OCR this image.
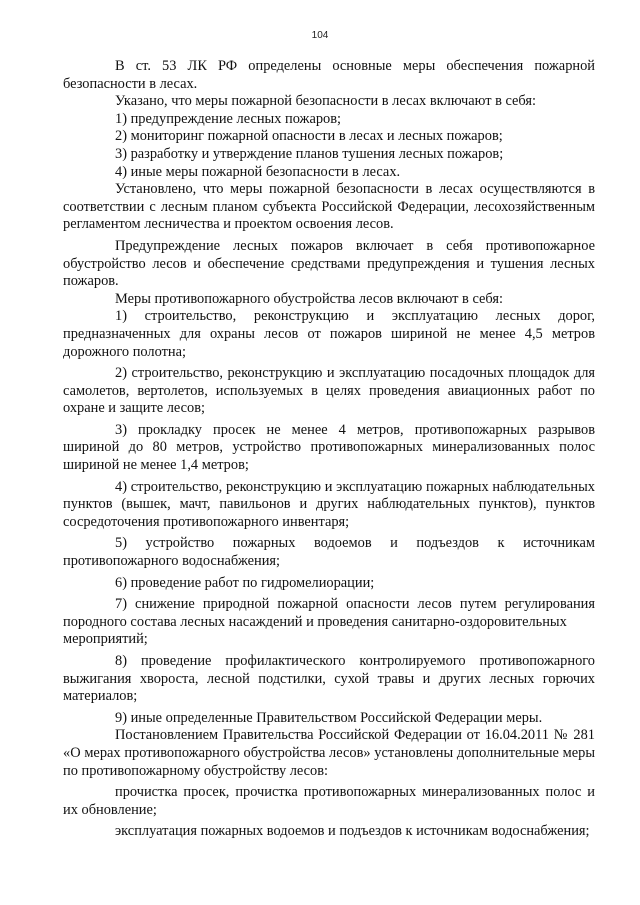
104

В ст. 53 ЛК РФ определены основные меры обеспечения пожарной безопасности в лесах.

Указано, что меры пожарной безопасности в лесах включают в себя:

1) предупреждение лесных пожаров;

2) мониторинг пожарной опасности в лесах и лесных пожаров;

3) разработку и утверждение планов тушения лесных пожаров;

4) иные меры пожарной безопасности в лесах.

Установлено, что меры пожарной безопасности в лесах осуществляются в соответствии с лесным планом субъекта Российской Федерации, лесохозяйственным регламентом лесничества и проектом освоения лесов.

Предупреждение лесных пожаров включает в себя противопожарное обустройство лесов и обеспечение средствами предупреждения и тушения лесных пожаров.

Меры противопожарного обустройства лесов включают в себя:

1) строительство, реконструкцию и эксплуатацию лесных дорог, предназначенных для охраны лесов от пожаров шириной не менее 4,5 метров дорожного полотна;

2) строительство, реконструкцию и эксплуатацию посадочных площадок для самолетов, вертолетов, используемых в целях проведения авиационных работ по охране и защите лесов;

3) прокладку просек не менее 4 метров, противопожарных разрывов шириной до 80 метров, устройство противопожарных минерализованных полос шириной не менее 1,4 метров;

4) строительство, реконструкцию и эксплуатацию пожарных наблюдательных пунктов (вышек, мачт, павильонов и других наблюдательных пунктов), пунктов сосредоточения противопожарного инвентаря;

5) устройство пожарных водоемов и подъездов к источникам противопожарного водоснабжения;

6) проведение работ по гидромелиорации;

7) снижение природной пожарной опасности лесов путем регулирования породного состава лесных насаждений и проведения санитарно-оздоровительных

мероприятий;

8) проведение профилактического контролируемого противопожарного выжигания хвороста, лесной подстилки, сухой травы и других лесных горючих материалов;

9) иные определенные Правительством Российской Федерации меры.

Постановлением Правительства Российской Федерации от 16.04.2011 № 281 «О мерах противопожарного обустройства лесов» установлены дополнительные меры по противопожарному обустройству лесов:

прочистка просек, прочистка противопожарных минерализованных полос и их обновление;

эксплуатация пожарных водоемов и подъездов к источникам водоснабжения;
